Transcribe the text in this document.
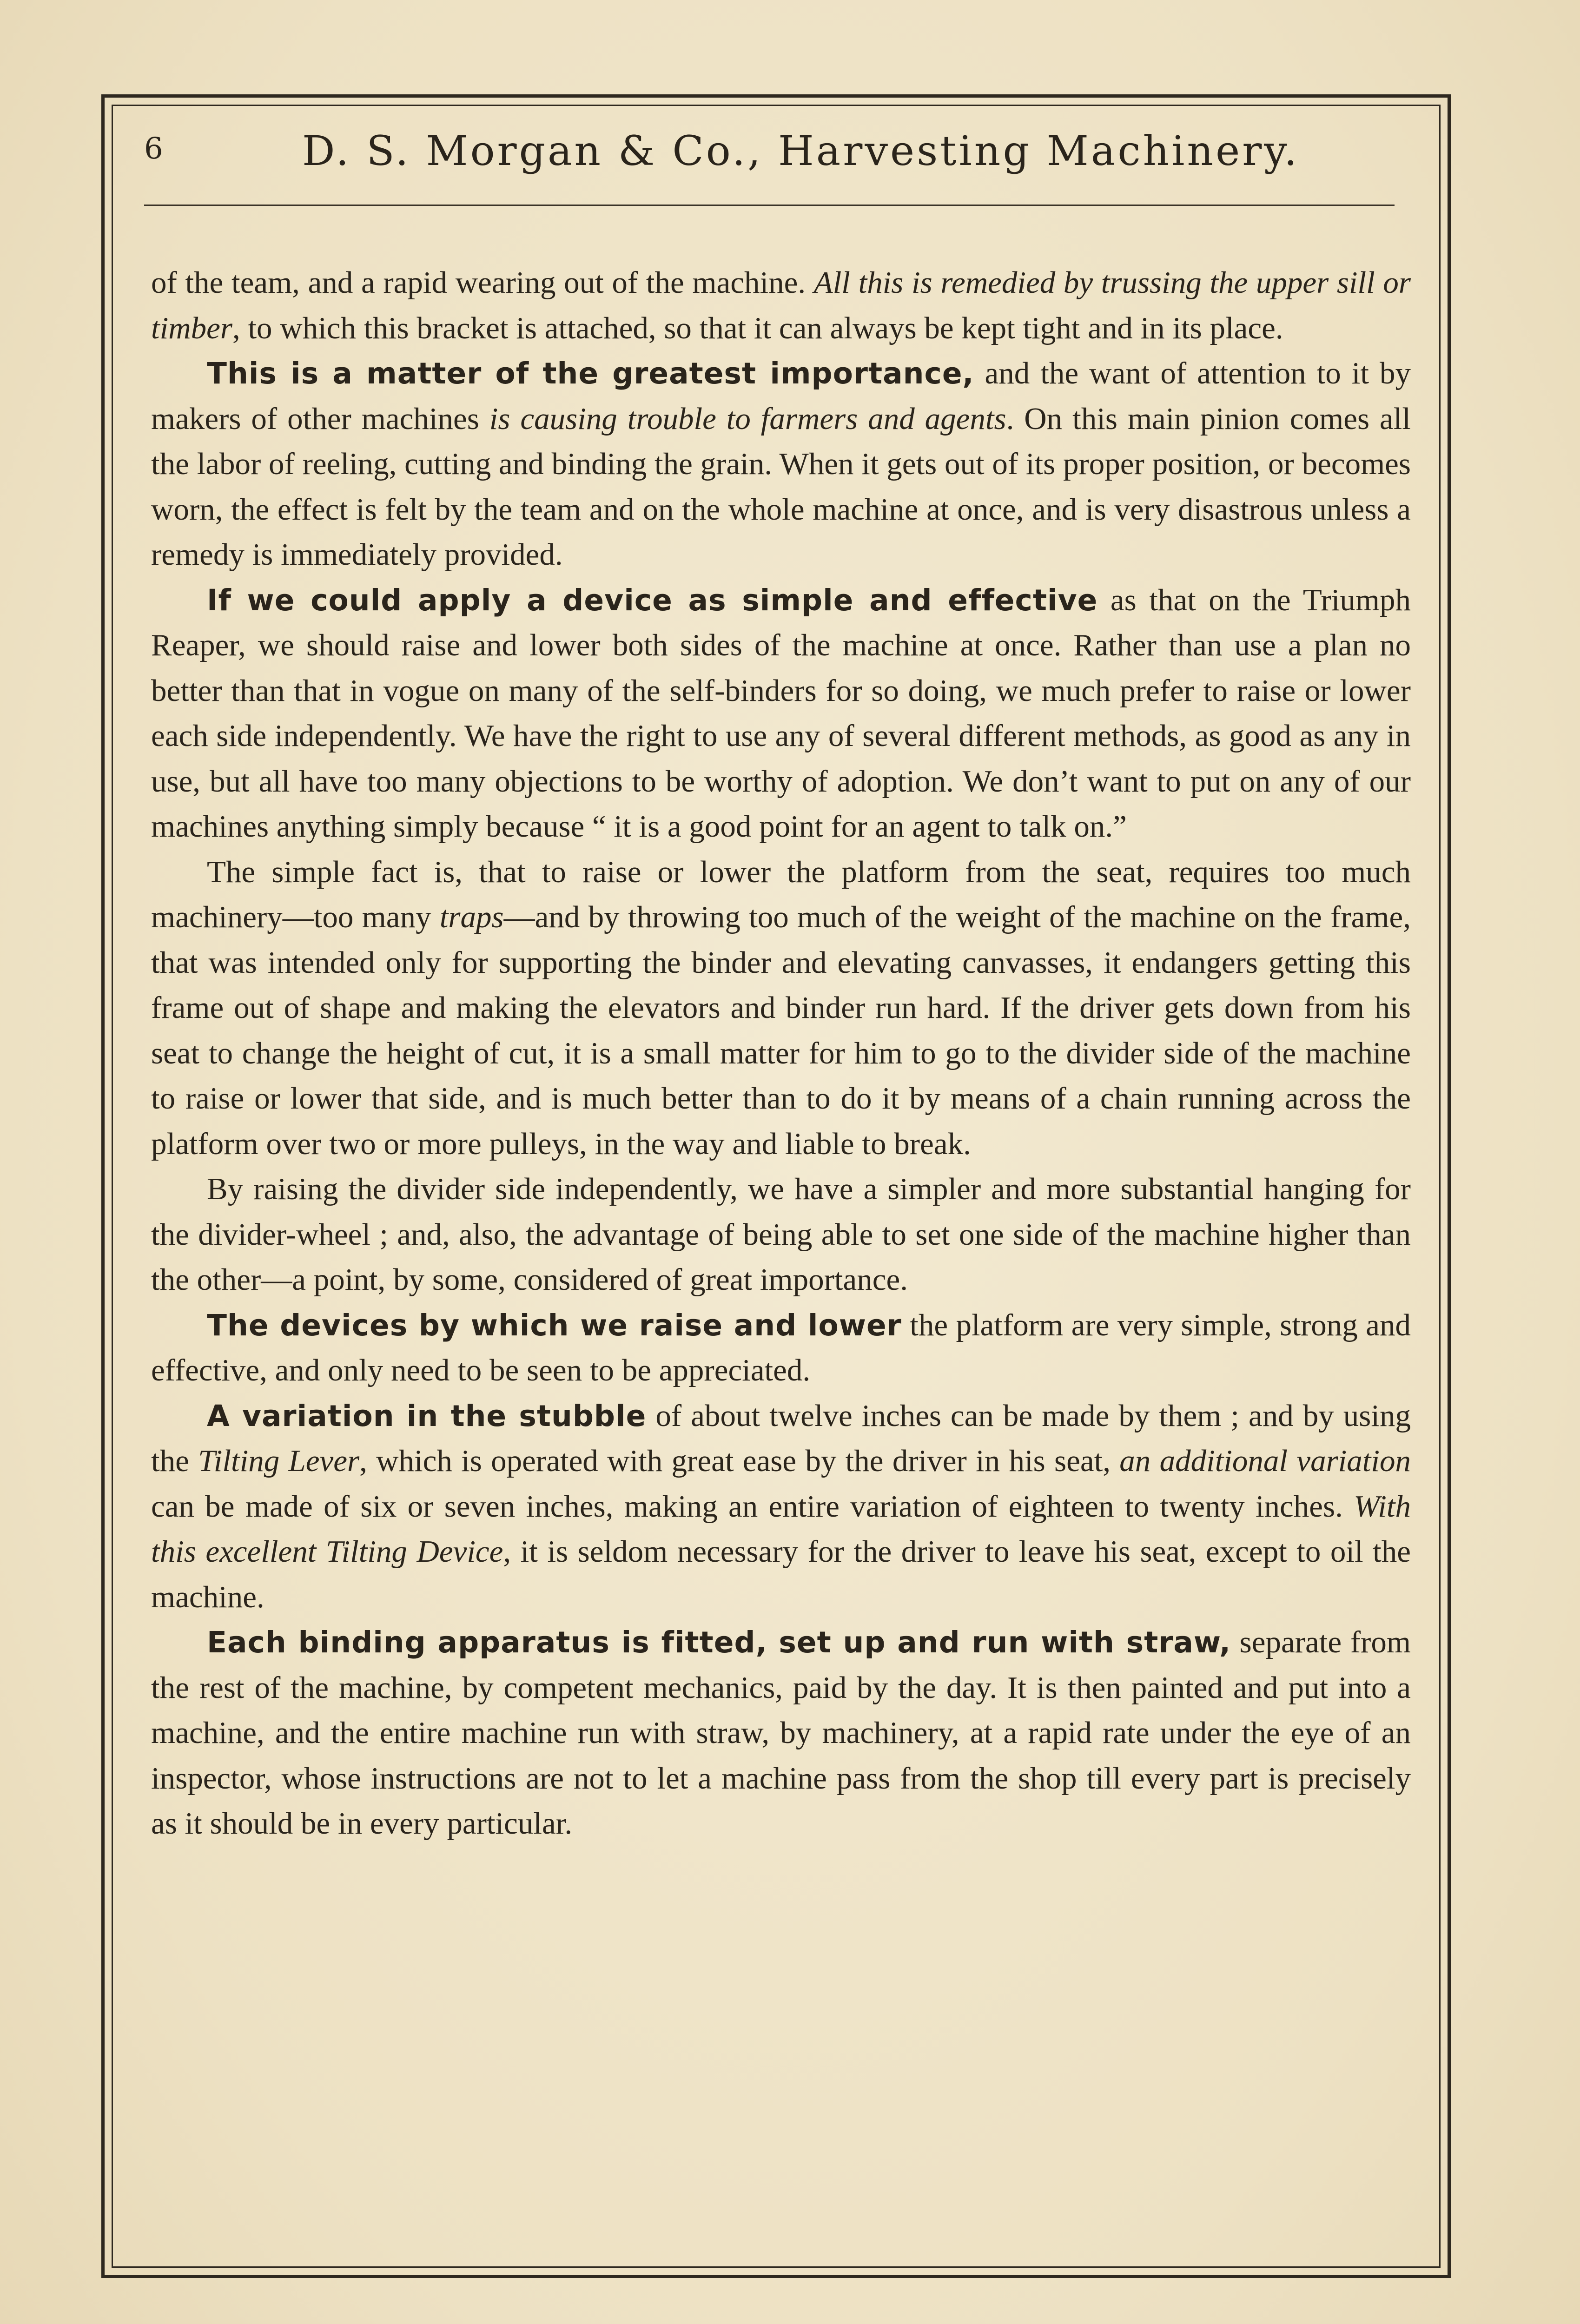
6	D. S. Morgan & Co., Harvesting Machinery.

of the team, and a rapid wearing out of the machine. All this is remedied by trussing the upper sill or timber, to which this bracket is attached, so that it can always be kept tight and in its place.

This is a matter of the greatest importance, and the want of attention to it by makers of other machines is causing trouble to farmers and agents. On this main pinion comes all the labor of reeling, cutting and binding the grain. When it gets out of its proper position, or becomes worn, the effect is felt by the team and on the whole machine at once, and is very disastrous unless a remedy is immediately provided.

If we could apply a device as simple and effective as that on the Triumph Reaper, we should raise and lower both sides of the machine at once. Rather than use a plan no better than that in vogue on many of the self-binders for so doing, we much prefer to raise or lower each side independently. We have the right to use any of several different methods, as good as any in use, but all have too many objections to be worthy of adoption. We don’t want to put on any of our machines anything simply because “ it is a good point for an agent to talk on.”

The simple fact is, that to raise or lower the platform from the seat, requires too much machinery—too many traps—and by throwing too much of the weight of the machine on the frame, that was intended only for supporting the binder and elevating canvasses, it endangers getting this frame out of shape and making the elevators and binder run hard. If the driver gets down from his seat to change the height of cut, it is a small matter for him to go to the divider side of the machine to raise or lower that side, and is much better than to do it by means of a chain running across the platform over two or more pulleys, in the way and liable to break.

By raising the divider side independently, we have a simpler and more substantial hanging for the divider-wheel ; and, also, the advantage of being able to set one side of the machine higher than the other—a point, by some, considered of great importance.

The devices by which we raise and lower the platform are very simple, strong and effective, and only need to be seen to be appreciated.

A variation in the stubble of about twelve inches can be made by them ; and by using the Tilting Lever, which is operated with great ease by the driver in his seat, an additional variation can be made of six or seven inches, making an entire variation of eighteen to twenty inches. With this excellent Tilting Device, it is seldom necessary for the driver to leave his seat, except to oil the machine.

Each binding apparatus is fitted, set up and run with straw, separate from the rest of the machine, by competent mechanics, paid by the day. It is then painted and put into a machine, and the entire machine run with straw, by machinery, at a rapid rate under the eye of an inspector, whose instructions are not to let a machine pass from the shop till every part is precisely as it should be in every particular.
